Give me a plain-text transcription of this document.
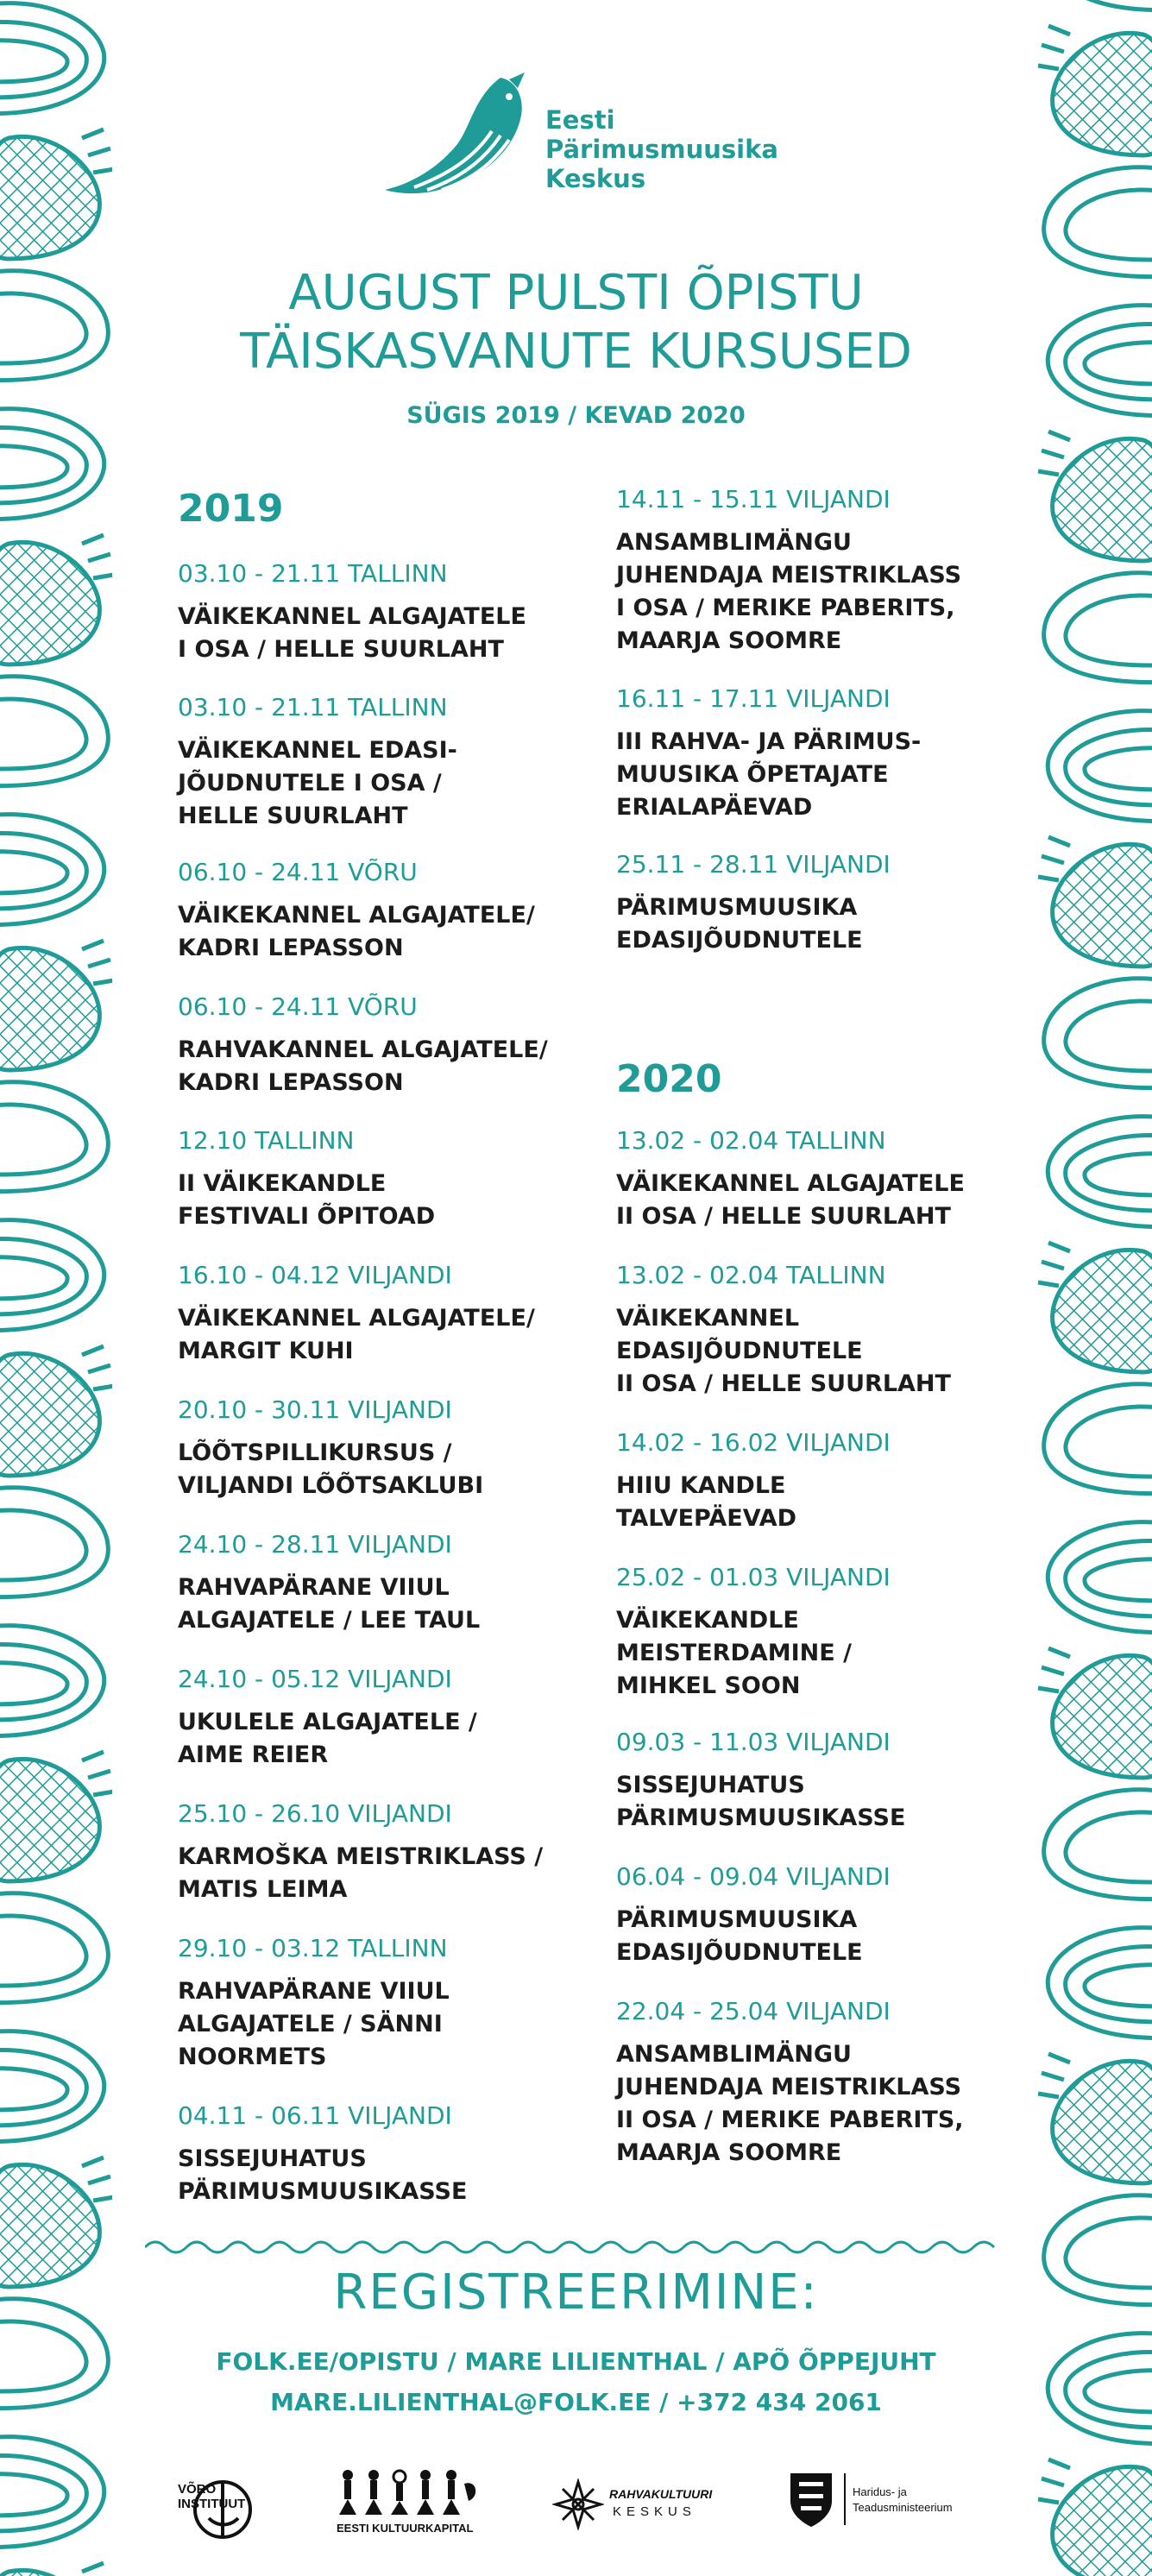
Eesti
Pärimusmuusika
Keskus
AUGUST PULSTI ÕPISTU
TÄISKASVANUTE KURSUSED
SÜGIS 2019 / KEVAD 2020
2019
03.10 - 21.11 TALLINN
VÄIKEKANNEL ALGAJATELE
I OSA / HELLE SUURLAHT
03.10 - 21.11 TALLINN
VÄIKEKANNEL EDASI-
JÕUDNUTELE I OSA /
HELLE SUURLAHT
06.10 - 24.11 VÕRU
VÄIKEKANNEL ALGAJATELE/
KADRI LEPASSON
06.10 - 24.11 VÕRU
RAHVAKANNEL ALGAJATELE/
KADRI LEPASSON
12.10 TALLINN
II VÄIKEKANDLE
FESTIVALI ÕPITOAD
16.10 - 04.12 VILJANDI
VÄIKEKANNEL ALGAJATELE/
MARGIT KUHI
20.10 - 30.11 VILJANDI
LÕÕTSPILLIKURSUS /
VILJANDI LÕÕTSAKLUBI
24.10 - 28.11 VILJANDI
RAHVAPÄRANE VIIUL
ALGAJATELE / LEE TAUL
24.10 - 05.12 VILJANDI
UKULELE ALGAJATELE /
AIME REIER
25.10 - 26.10 VILJANDI
KARMOŠKA MEISTRIKLASS /
MATIS LEIMA
29.10 - 03.12 TALLINN
RAHVAPÄRANE VIIUL
ALGAJATELE / SÄNNI
NOORMETS
04.11 - 06.11 VILJANDI
SISSEJUHATUS
PÄRIMUSMUUSIKASSE
14.11 - 15.11 VILJANDI
ANSAMBLIMÄNGU
JUHENDAJA MEISTRIKLASS
I OSA / MERIKE PABERITS,
MAARJA SOOMRE
16.11 - 17.11 VILJANDI
III RAHVA- JA PÄRIMUS-
MUUSIKA ÕPETAJATE
ERIALAPÄEVAD
25.11 - 28.11 VILJANDI
PÄRIMUSMUUSIKA
EDASIJÕUDNUTELE
2020
13.02 - 02.04 TALLINN
VÄIKEKANNEL ALGAJATELE
II OSA / HELLE SUURLAHT
13.02 - 02.04 TALLINN
VÄIKEKANNEL
EDASIJÕUDNUTELE
II OSA / HELLE SUURLAHT
14.02 - 16.02 VILJANDI
HIIU KANDLE
TALVEPÄEVAD
25.02 - 01.03 VILJANDI
VÄIKEKANDLE
MEISTERDAMINE /
MIHKEL SOON
09.03 - 11.03 VILJANDI
SISSEJUHATUS
PÄRIMUSMUUSIKASSE
06.04 - 09.04 VILJANDI
PÄRIMUSMUUSIKA
EDASIJÕUDNUTELE
22.04 - 25.04 VILJANDI
ANSAMBLIMÄNGU
JUHENDAJA MEISTRIKLASS
II OSA / MERIKE PABERITS,
MAARJA SOOMRE
REGISTREERIMINE:
FOLK.EE/OPISTU / MARE LILIENTHAL / APÕ ÕPPEJUHT
MARE.LILIENTHAL@FOLK.EE / +372 434 2061
VÕRO
INSTITUUT
EESTI KULTUURKAPITAL
RAHVAKULTUURI
KESKUS
Haridus- ja
Teadusministeerium
